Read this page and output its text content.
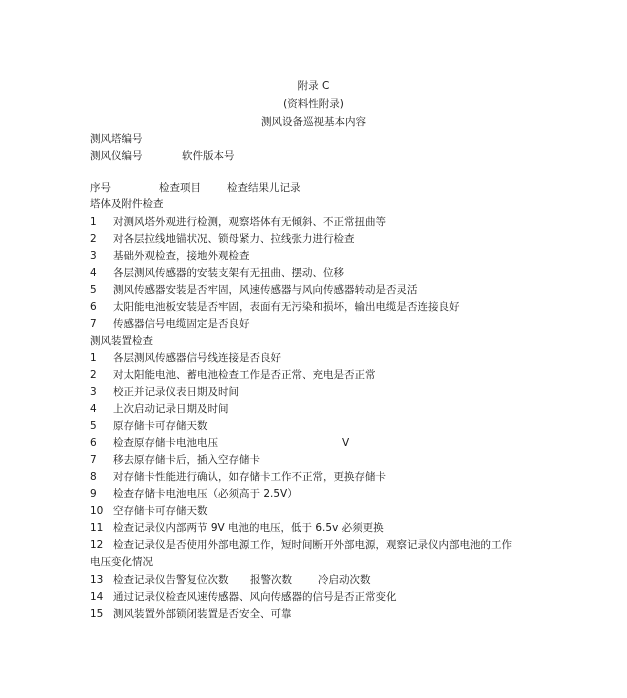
附录 C
(资料性附录)
测风设备巡视基本内容
测风塔编号
测风仪编号	软件版本号
序号	检查项目 检查结果儿记录
塔体及附件检查
1 对测风塔外观进行检测，观察塔体有无倾斜、不正常扭曲等
2 对各层拉线地锚状况、锁母紧力、拉线张力进行检查
3 基础外观检查，接地外观检查
4 各层测风传感器的安装支架有无扭曲、摆动、位移
5 测风传感器安装是否牢固，风速传感器与风向传感器转动是否灵活
6 太阳能电池板安装是否牢固，表面有无污染和损坏，输出电缆是否连接良好
7 传感器信号电缆固定是否良好
测风装置检查
1 各层测风传感器信号线连接是否良好
2 对太阳能电池、蓄电池检查工作是否正常、充电是否正常
3 校正并记录仪表日期及时间
4 上次启动记录日期及时间
5 原存储卡可存储天数
6 检查原存储卡电池电压	V
7 移去原存储卡后，插入空存储卡
8 对存储卡性能进行确认，如存储卡工作不正常，更换存储卡
9 检查存储卡电池电压（必须高于 2.5V）
10 空存储卡可存储天数
11 检查记录仪内部两节 9V 电池的电压，低于 6.5v 必须更换
12 检查记录仪是否使用外部电源工作，短时间断开外部电源，观察记录仪内部电池的工作
电压变化情况
13 检查记录仪告警复位次数 报警次数 冷启动次数
14 通过记录仪检查风速传感器、风向传感器的信号是否正常变化
15 测风装置外部锁闭装置是否安全、可靠
